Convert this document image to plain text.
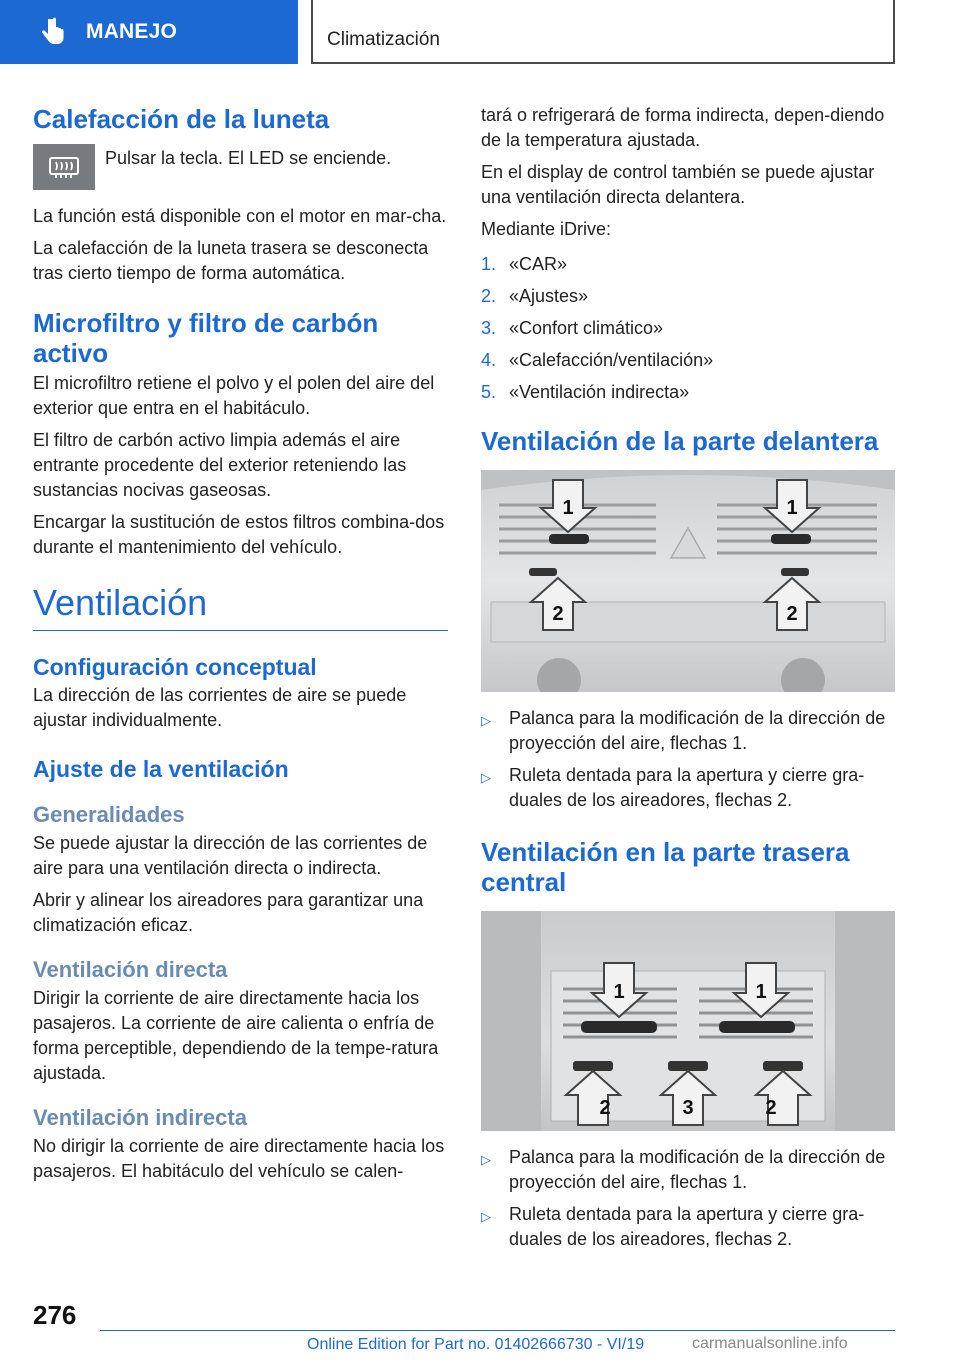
MANEJO	Climatización
Calefacción de la luneta

Pulsar la tecla. El LED se enciende.

La función está disponible con el motor en mar-cha.

La calefacción de la luneta trasera se desconecta tras cierto tiempo de forma automática.

Microfiltro y filtro de carbón activo

El microfiltro retiene el polvo y el polen del aire del exterior que entra en el habitáculo.

El filtro de carbón activo limpia además el aire entrante procedente del exterior reteniendo las sustancias nocivas gaseosas.

Encargar la sustitución de estos filtros combina-dos durante el mantenimiento del vehículo.

Ventilación
Configuración conceptual

La dirección de las corrientes de aire se puede ajustar individualmente.

Ajuste de la ventilación
Generalidades

Se puede ajustar la dirección de las corrientes de aire para una ventilación directa o indirecta.

Abrir y alinear los aireadores para garantizar una climatización eficaz.

Ventilación directa

Dirigir la corriente de aire directamente hacia los pasajeros. La corriente de aire calienta o enfría de forma perceptible, dependiendo de la tempe-ratura ajustada.

Ventilación indirecta

No dirigir la corriente de aire directamente hacia los pasajeros. El habitáculo del vehículo se calen-

tará o refrigerará de forma indirecta, depen-diendo de la temperatura ajustada.

En el display de control también se puede ajustar una ventilación directa delantera.

Mediante iDrive:

1. «CAR»
2. «Ajustes»
3. «Confort climático»
4. «Calefacción/ventilación»
5. «Ventilación indirecta»
Ventilación de la parte delantera
1	1
2	2
▷	Palanca para la modificación de la dirección de proyección del aire, flechas 1.
▷	Ruleta dentada para la apertura y cierre gra-duales de los aireadores, flechas 2.
Ventilación en la parte trasera central
1	1
2	3	2
▷	Palanca para la modificación de la dirección de proyección del aire, flechas 1.
▷	Ruleta dentada para la apertura y cierre gra-duales de los aireadores, flechas 2.
276
Online Edition for Part no. 01402666730 - VI/19	carmanualsonline.info
